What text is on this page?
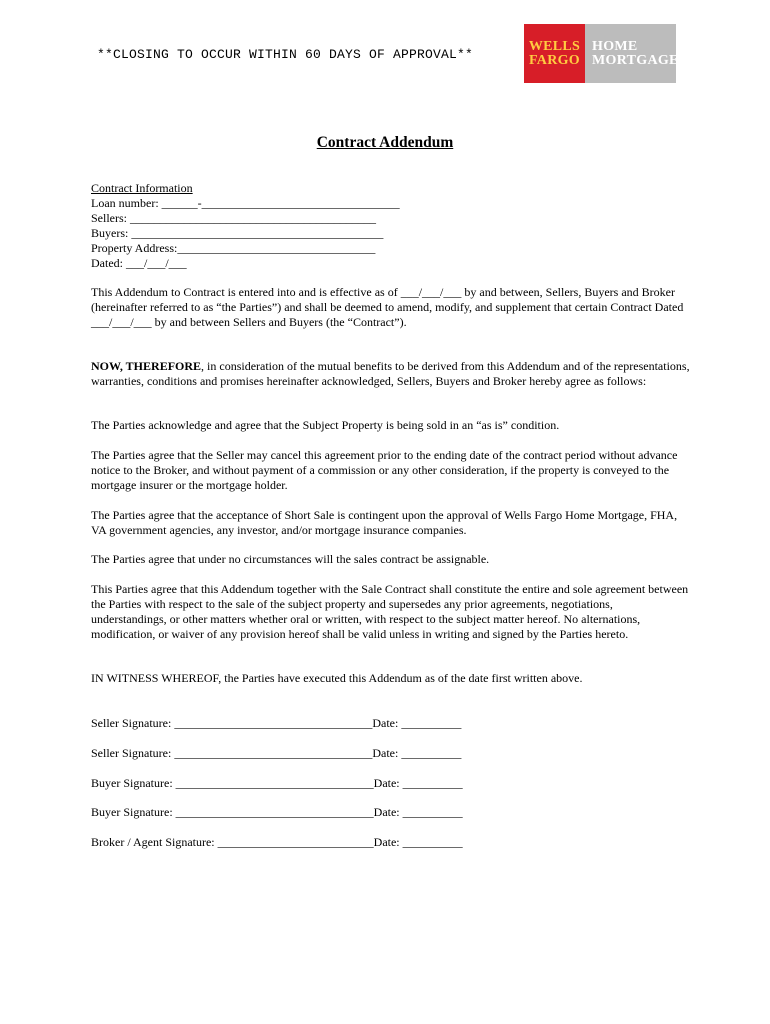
**CLOSING TO OCCUR WITHIN 60 DAYS OF APPROVAL**
WELLS
FARGO
HOME
MORTGAGE
Contract Addendum

Contract Information

Loan number: ______-_________________________________

Sellers: _________________________________________

Buyers: __________________________________________

Property Address:_________________________________

Dated: ___/___/___

This Addendum to Contract is entered into and is effective as of ___/___/___ by and between, Sellers, Buyers and Broker (hereinafter referred to as “the Parties”) and shall be deemed to amend, modify, and supplement that certain Contract Dated ___/___/___ by and between Sellers and Buyers (the “Contract”).
NOW, THEREFORE, in consideration of the mutual benefits to be derived from this Addendum and of the representations, warranties, conditions and promises hereinafter acknowledged, Sellers, Buyers and Broker hereby agree as follows:
The Parties acknowledge and agree that the Subject Property is being sold in an “as is” condition.
The Parties agree that the Seller may cancel this agreement prior to the ending date of the contract period without advance notice to the Broker, and without payment of a commission or any other consideration, if the property is conveyed to the mortgage insurer or the mortgage holder.
The Parties agree that the acceptance of Short Sale is contingent upon the approval of Wells Fargo Home Mortgage, FHA, VA government agencies, any investor, and/or mortgage insurance companies.
The Parties agree that under no circumstances will the sales contract be assignable.
This Parties agree that this Addendum together with the Sale Contract shall constitute the entire and sole agreement between the Parties with respect to the sale of the subject property and supersedes any prior agreements, negotiations, understandings, or other matters whether oral or written, with respect to the subject matter hereof. No alternations, modification, or waiver of any provision hereof shall be valid unless in writing and signed by the Parties hereto.
IN WITNESS WHEREOF, the Parties have executed this Addendum as of the date first written above.
Seller Signature: _________________________________Date: __________
Seller Signature: _________________________________Date: __________
Buyer Signature: _________________________________Date: __________
Buyer Signature: _________________________________Date: __________
Broker / Agent Signature: __________________________Date: __________
